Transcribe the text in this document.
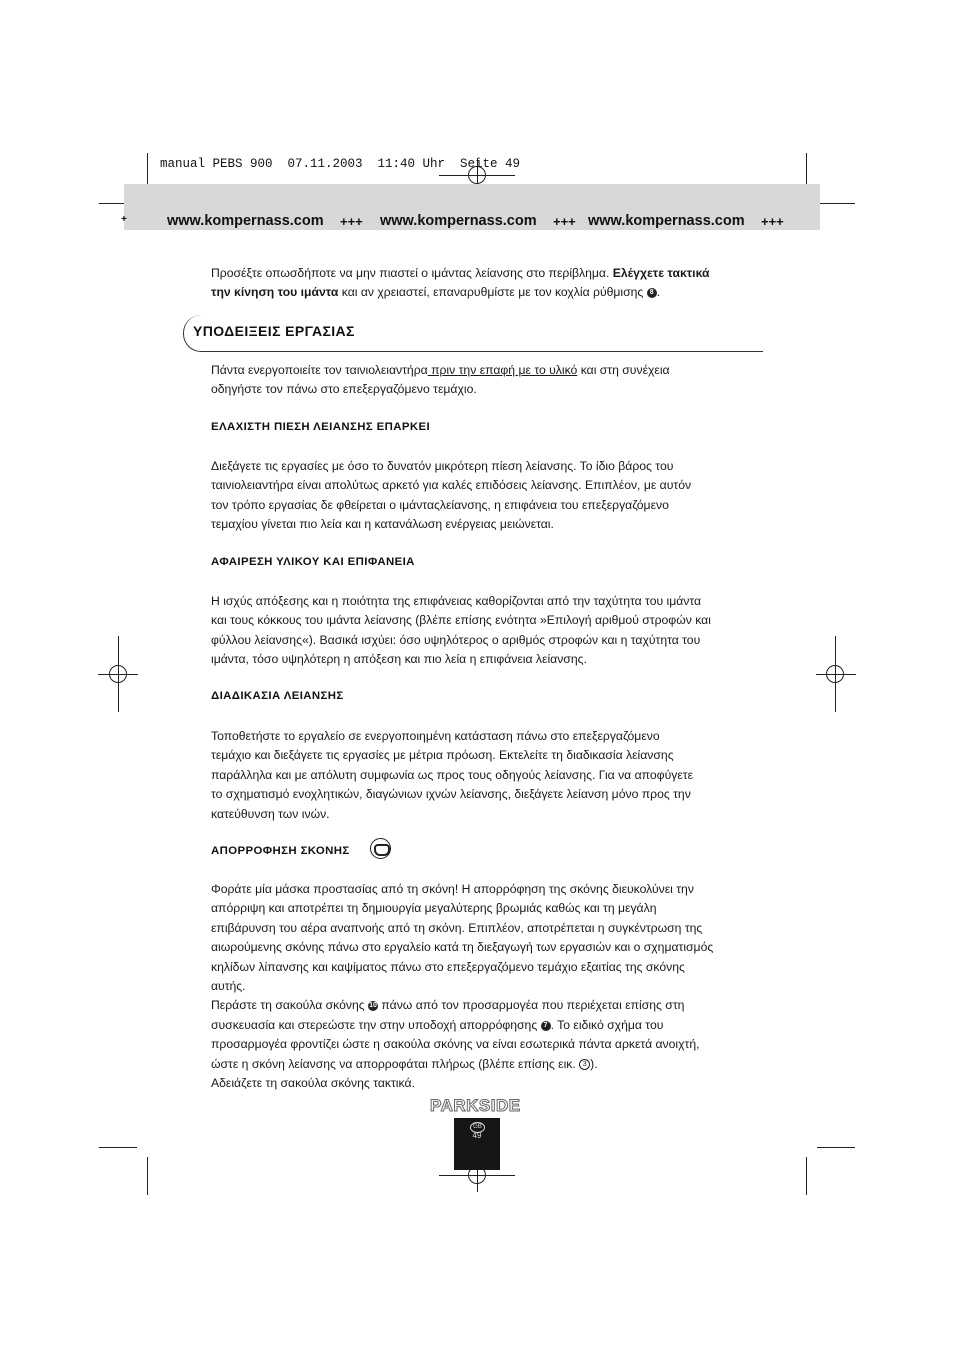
manual PEBS 900  07.11.2003  11:40 Uhr  Seite 49
+	www.kompernass.com +++ www.kompernass.com +++ www.kompernass.com +++

Προσέξτε οπωσδήποτε να μην πιαστεί ο ιμάντας λείανσης στο περίβλημα. Ελέγχετε τακτικά

την κίνηση του ιμάντα και αν χρειαστεί, επαναρυθμίστε με τον κοχλία ρύθμισης 8 .

ΥΠΟΔΕΙΞΕΙΣ ΕΡΓΑΣΙΑΣ

Πάντα ενεργοποιείτε τον ταινιολειαντήρα πριν την επαφή με το υλικό και στη συνέχεια

οδηγήστε τον πάνω στο επεξεργαζόμενο τεμάχιο.

ΕΛΑΧΙΣΤΗ ΠΙΕΣΗ ΛΕΙΑΝΣΗΣ ΕΠΑΡΚΕΙ

Διεξάγετε τις εργασίες με όσο το δυνατόν μικρότερη πίεση λείανσης. Το ίδιο βάρος του

ταινιολειαντήρα είναι απολύτως αρκετό για καλές επιδόσεις λείανσης. Επιπλέον, με αυτόν

τον τρόπο εργασίας δε φθείρεται ο ιμάνταςλείανσης, η επιφάνεια του επεξεργαζόμενο

τεμαχίου γίνεται πιο λεία και η κατανάλωση ενέργειας μειώνεται.

ΑΦΑΙΡΕΣΗ ΥΛΙΚΟΥ ΚΑΙ ΕΠΙΦΑΝΕΙΑ

Η ισχύς απόξεσης και η ποιότητα της επιφάνειας καθορίζονται από την ταχύτητα του ιμάντα

και τους κόκκους του ιμάντα λείανσης (βλέπε επίσης ενότητα »Επιλογή αριθμού στροφών και

φύλλου λείανσης«). Βασικά ισχύει: όσο υψηλότερος ο αριθμός στροφών και η ταχύτητα του

ιμάντα, τόσο υψηλότερη η απόξεση και πιο λεία η επιφάνεια λείανσης.

ΔΙΑΔΙΚΑΣΙΑ ΛΕΙΑΝΣΗΣ

Τοποθετήστε το εργαλείο σε ενεργοποιημένη κατάσταση πάνω στο επεξεργαζόμενο

τεμάχιο και διεξάγετε τις εργασίες με μέτρια πρόωση. Εκτελείτε τη διαδικασία λείανσης

παράλληλα και με απόλυτη συμφωνία ως προς τους οδηγούς λείανσης. Για να αποφύγετε

το σχηματισμό ενοχλητικών, διαγώνιων ιχνών λείανσης, διεξάγετε λείανση μόνο προς την

κατεύθυνση των ινών.

ΑΠΟΡΡΟΦΗΣΗ ΣΚΟΝΗΣ

Φοράτε μία μάσκα προστασίας από τη σκόνη! Η απορρόφηση της σκόνης διευκολύνει την

απόρριψη και αποτρέπει τη δημιουργία μεγαλύτερης βρωμιάς καθώς και τη μεγάλη

επιβάρυνση του αέρα αναπνοής από τη σκόνη. Επιπλέον, αποτρέπεται η συγκέντρωση της

αιωρούμενης σκόνης πάνω στο εργαλείο κατά τη διεξαγωγή των εργασιών και ο σχηματισμός

κηλίδων λίπανσης και καψίματος πάνω στο επεξεργαζόμενο τεμάχιο εξαιτίας της σκόνης

αυτής.

Περάστε τη σακούλα σκόνης 10 πάνω από τον προσαρμογέα που περιέχεται επίσης στη

συσκευασία και στερεώστε την στην υποδοχή απορρόφησης 7 . Το ειδικό σχήμα του

προσαρμογέα φροντίζει ώστε η σακούλα σκόνης να είναι εσωτερικά πάντα αρκετά ανοιχτή,

ώστε η σκόνη λείανσης να απορροφάται πλήρως (βλέπε επίσης εικ. 3 ).

Αδειάζετε τη σακούλα σκόνης τακτικά.

PARKSIDE
GB
49
